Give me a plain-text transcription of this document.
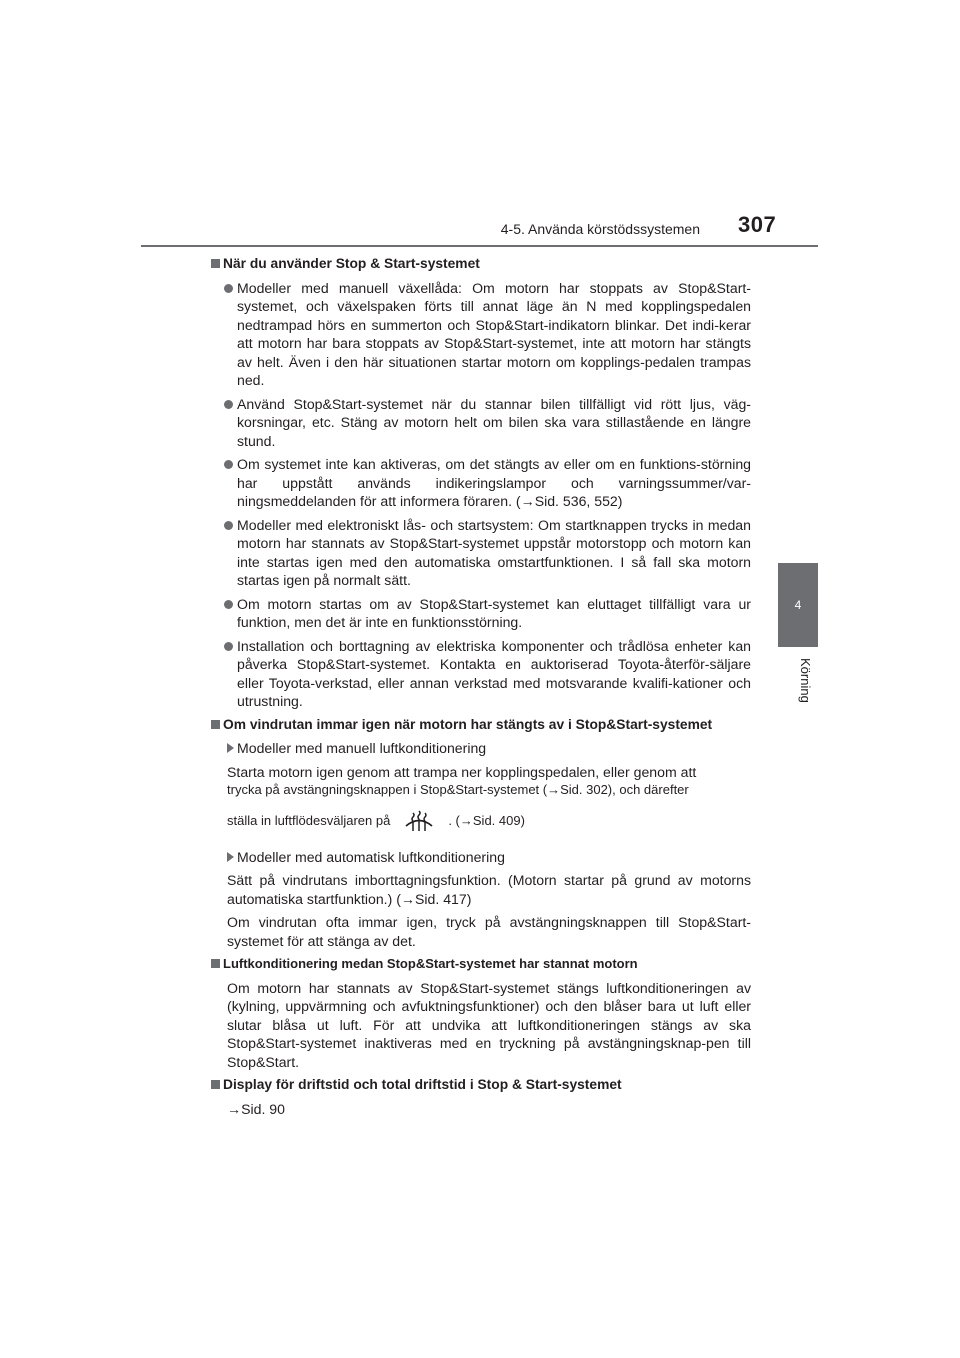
4-5. Använda körstödssystemen 307
4
Körning
När du använder Stop & Start-systemet
Modeller med manuell växellåda: Om motorn har stoppats av Stop&Start-systemet, och växelspaken förts till annat läge än N med kopplingspedalen nedtrampad hörs en summerton och Stop&Start-indikatorn blinkar. Det indi-kerar att motorn har bara stoppats av Stop&Start-systemet, inte att motorn har stängts av helt. Även i den här situationen startar motorn om kopplings-pedalen trampas ned.
Använd Stop&Start-systemet när du stannar bilen tillfälligt vid rött ljus, väg-korsningar, etc. Stäng av motorn helt om bilen ska vara stillastående en längre stund.
Om systemet inte kan aktiveras, om det stängts av eller om en funktions-störning har uppstått används indikeringslampor och varningssummer/var-ningsmeddelanden för att informera föraren. (→Sid. 536, 552)
Modeller med elektroniskt lås- och startsystem: Om startknappen trycks in medan motorn har stannats av Stop&Start-systemet uppstår motorstopp och motorn kan inte startas igen med den automatiska omstartfunktionen. I så fall ska motorn startas igen på normalt sätt.
Om motorn startas om av Stop&Start-systemet kan eluttaget tillfälligt vara ur funktion, men det är inte en funktionsstörning.
Installation och borttagning av elektriska komponenter och trådlösa enheter kan påverka Stop&Start-systemet. Kontakta en auktoriserad Toyota-återför-säljare eller Toyota-verkstad, eller annan verkstad med motsvarande kvalifi-kationer och utrustning.
Om vindrutan immar igen när motorn har stängts av i Stop&Start-systemet
Modeller med manuell luftkonditionering
Starta motorn igen genom att trampa ner kopplingspedalen, eller genom att
trycka på avstängningsknappen i Stop&Start-systemet (→Sid. 302), och därefter
ställa in luftflödesväljaren på	. (→Sid. 409)
Modeller med automatisk luftkonditionering
Sätt på vindrutans imborttagningsfunktion. (Motorn startar på grund av motorns automatiska startfunktion.) (→Sid. 417)
Om vindrutan ofta immar igen, tryck på avstängningsknappen till Stop&Start-systemet för att stänga av det.
Luftkonditionering medan Stop&Start-systemet har stannat motorn
Om motorn har stannats av Stop&Start-systemet stängs luftkonditioneringen av (kylning, uppvärmning och avfuktningsfunktioner) och den blåser bara ut luft eller slutar blåsa ut luft. För att undvika att luftkonditioneringen stängs av ska Stop&Start-systemet inaktiveras med en tryckning på avstängningsknap-pen till Stop&Start.
Display för driftstid och total driftstid i Stop & Start-systemet
→Sid. 90
